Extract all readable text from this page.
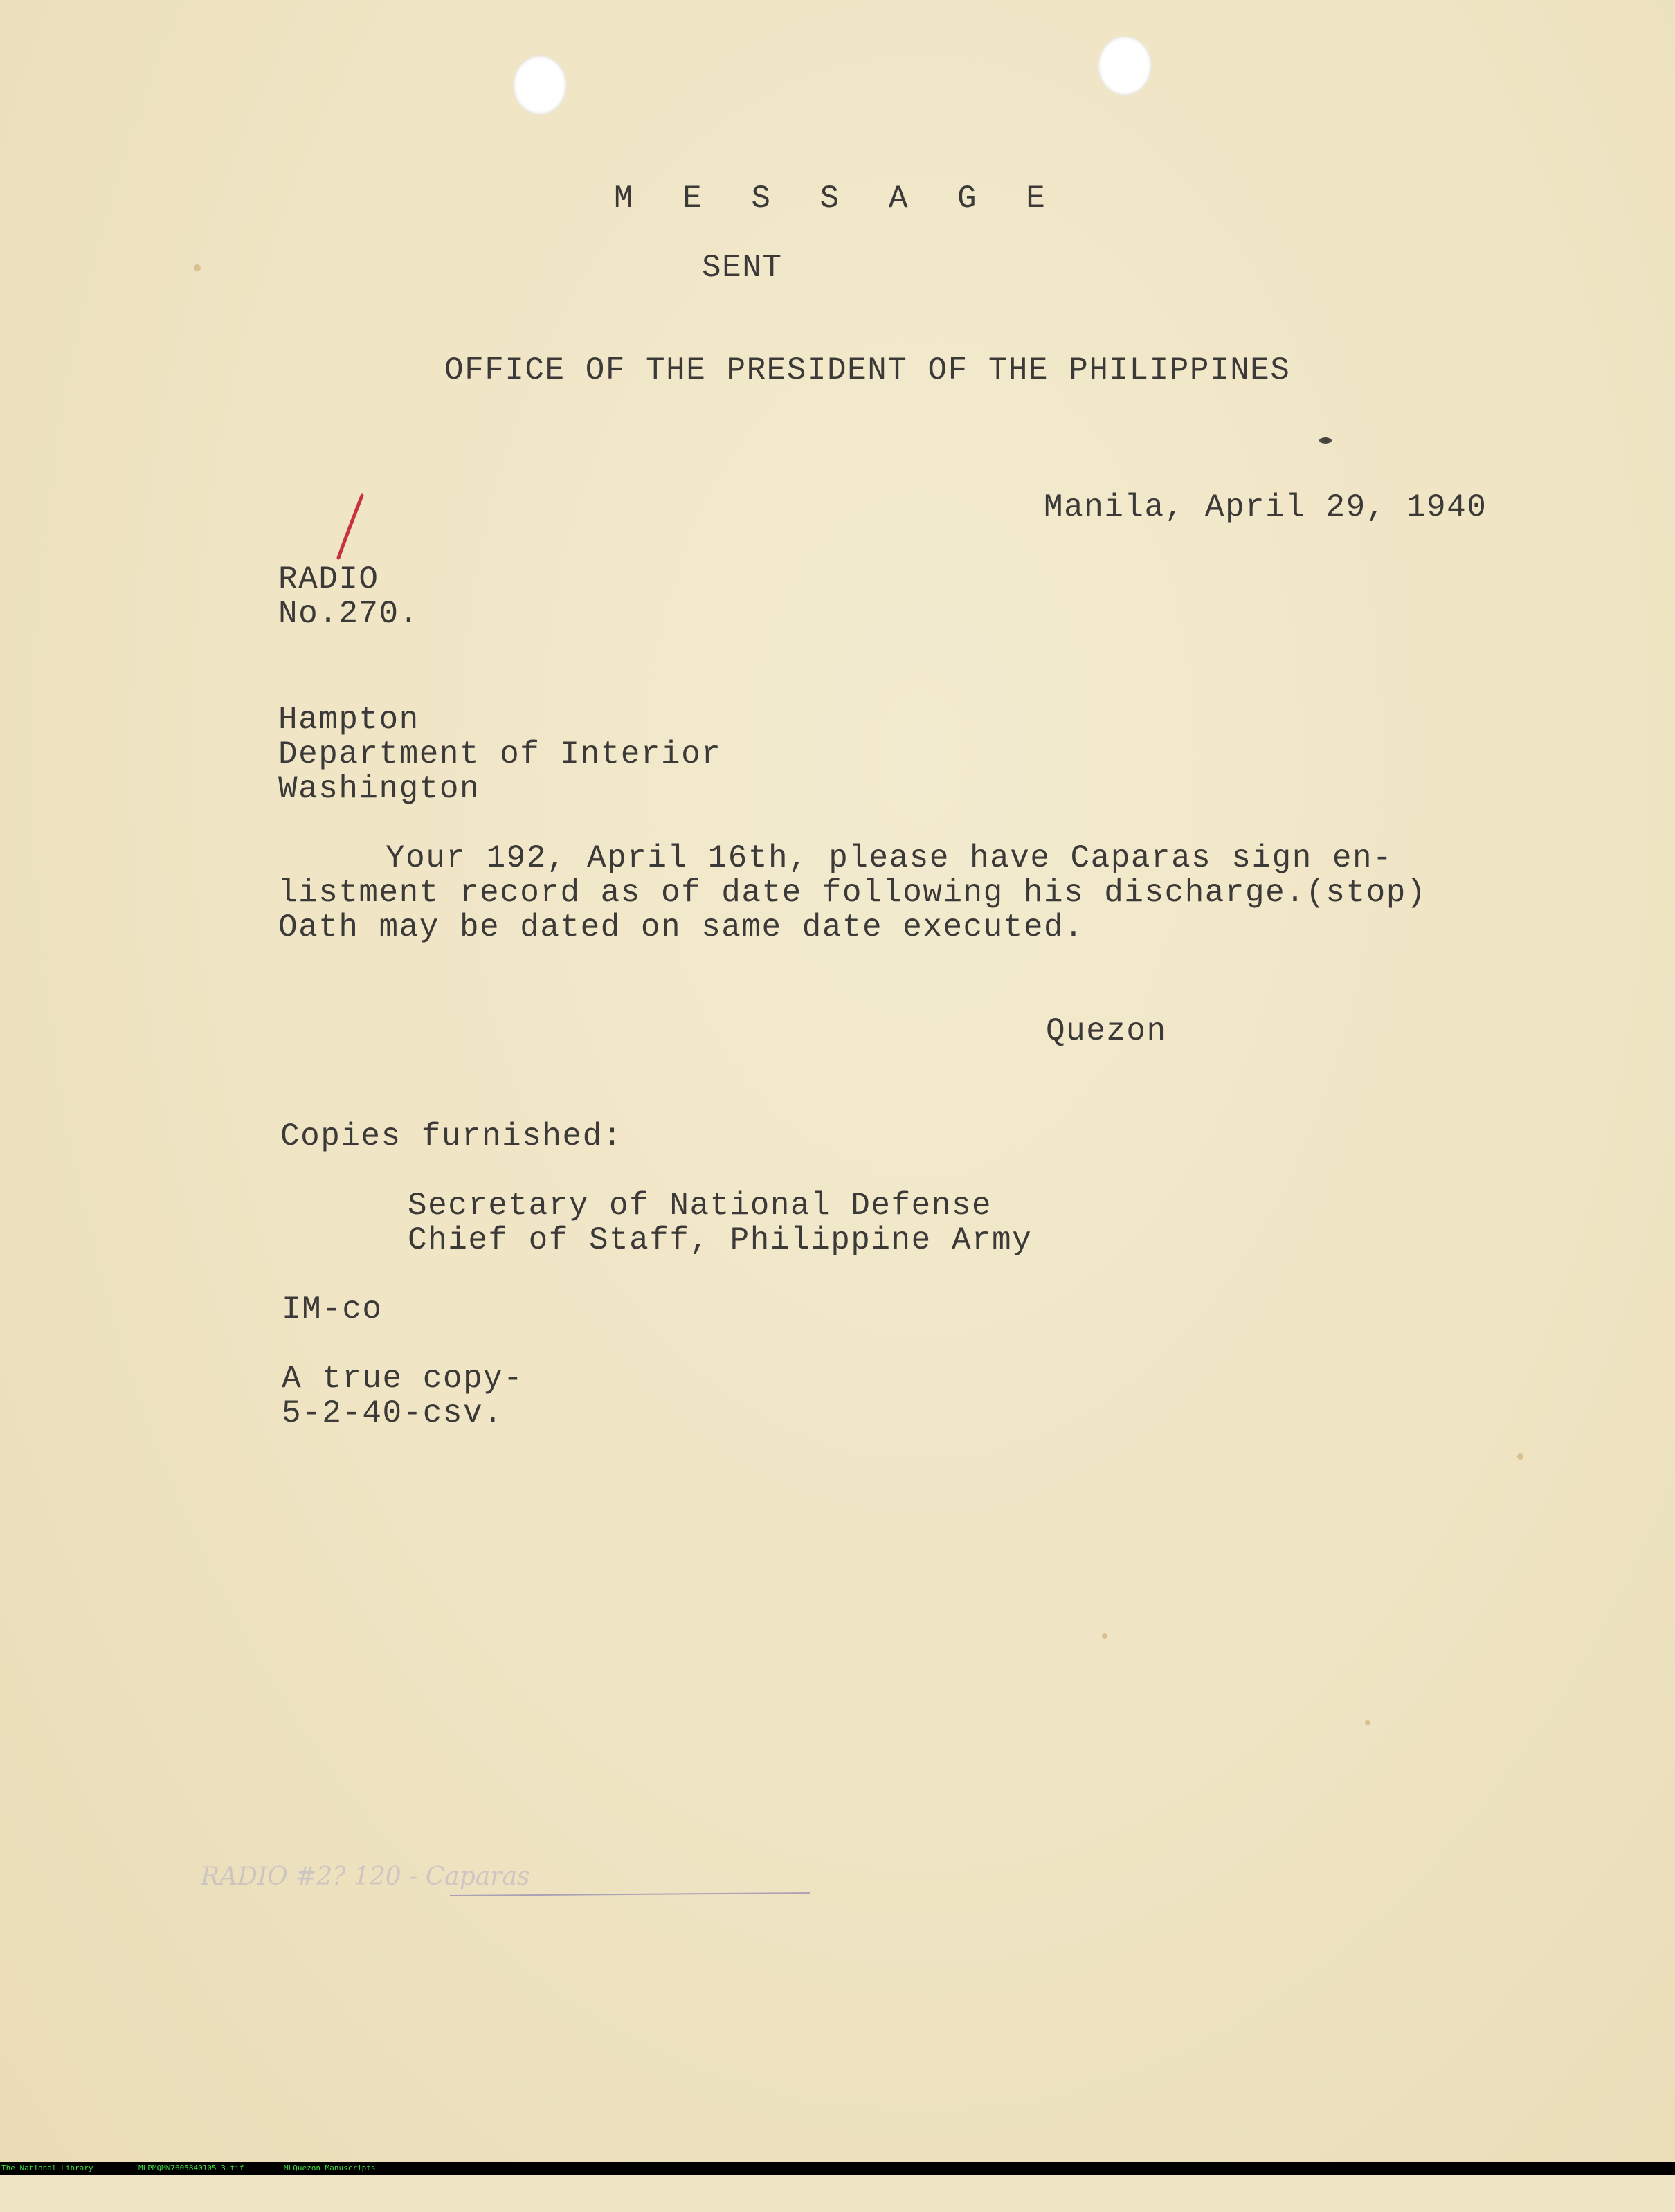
M E S S A G E
SENT
OFFICE OF THE PRESIDENT OF THE PHILIPPINES
Manila, April 29, 1940
RADIO
No.270.
Hampton
Department of Interior
Washington
Your 192, April 16th, please have Caparas sign en-
listment record as of date following his discharge.(stop)
Oath may be dated on same date executed.
Quezon
Copies furnished:
Secretary of National Defense
Chief of Staff, Philippine Army
IM-co
A true copy-
5-2-40-csv.
RADIO #2? 120 - Caparas

The National Library

	MLPMQMN7605840105 3.tif

	MLQuezon Manuscripts
